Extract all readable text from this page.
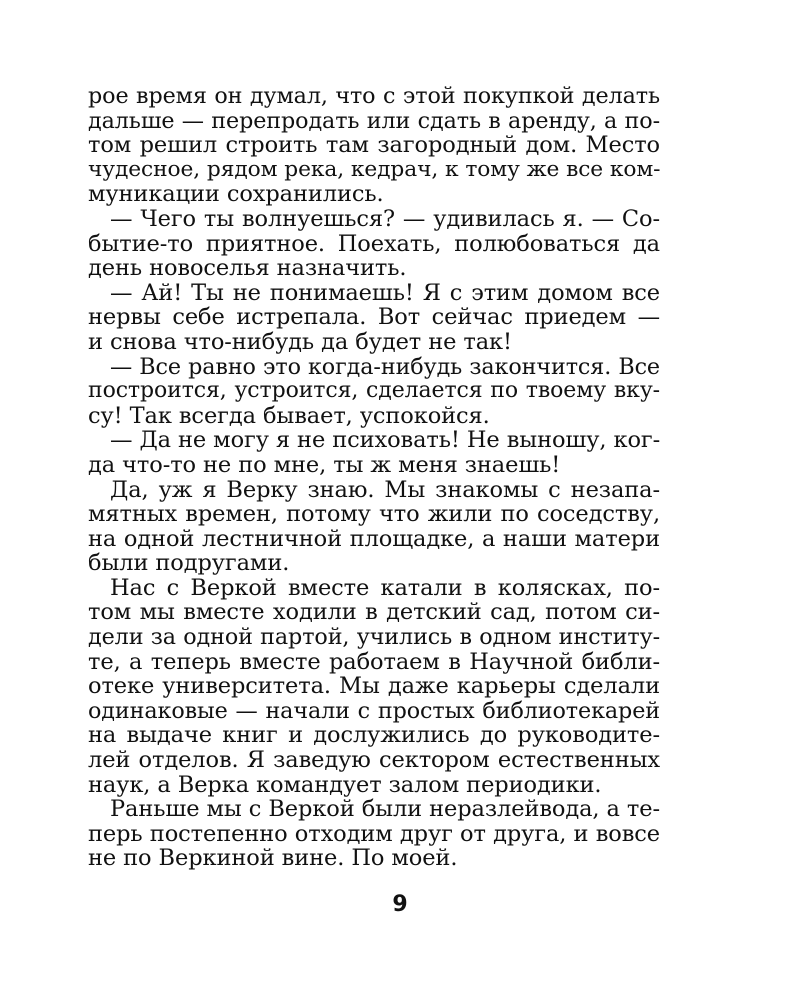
рое время он думал, что с этой покупкой делать
дальше — перепродать или сдать в аренду, а по-
том решил строить там загородный дом. Место
чудесное, рядом река, кедрач, к тому же все ком-
муникации сохранились.
— Чего ты волнуешься? — удивилась я. — Со-
бытие-то приятное. Поехать, полюбоваться да
день новоселья назначить.
— Ай! Ты не понимаешь! Я с этим домом все
нервы себе истрепала. Вот сейчас приедем —
и снова что-нибудь да будет не так!
— Все равно это когда-нибудь закончится. Все
построится, устроится, сделается по твоему вку-
су! Так всегда бывает, успокойся.
— Да не могу я не психовать! Не выношу, ког-
да что-то не по мне, ты ж меня знаешь!
Да, уж я Верку знаю. Мы знакомы с незапа-
мятных времен, потому что жили по соседству,
на одной лестничной площадке, а наши матери
были подругами.
Нас с Веркой вместе катали в колясках, по-
том мы вместе ходили в детский сад, потом си-
дели за одной партой, учились в одном институ-
те, а теперь вместе работаем в Научной библи-
отеке университета. Мы даже карьеры сделали
одинаковые — начали с простых библиотекарей
на выдаче книг и дослужились до руководите-
лей отделов. Я заведую сектором естественных
наук, а Верка командует залом периодики.
Раньше мы с Веркой были неразлейвода, а те-
перь постепенно отходим друг от друга, и вовсе
не по Веркиной вине. По моей.
9
